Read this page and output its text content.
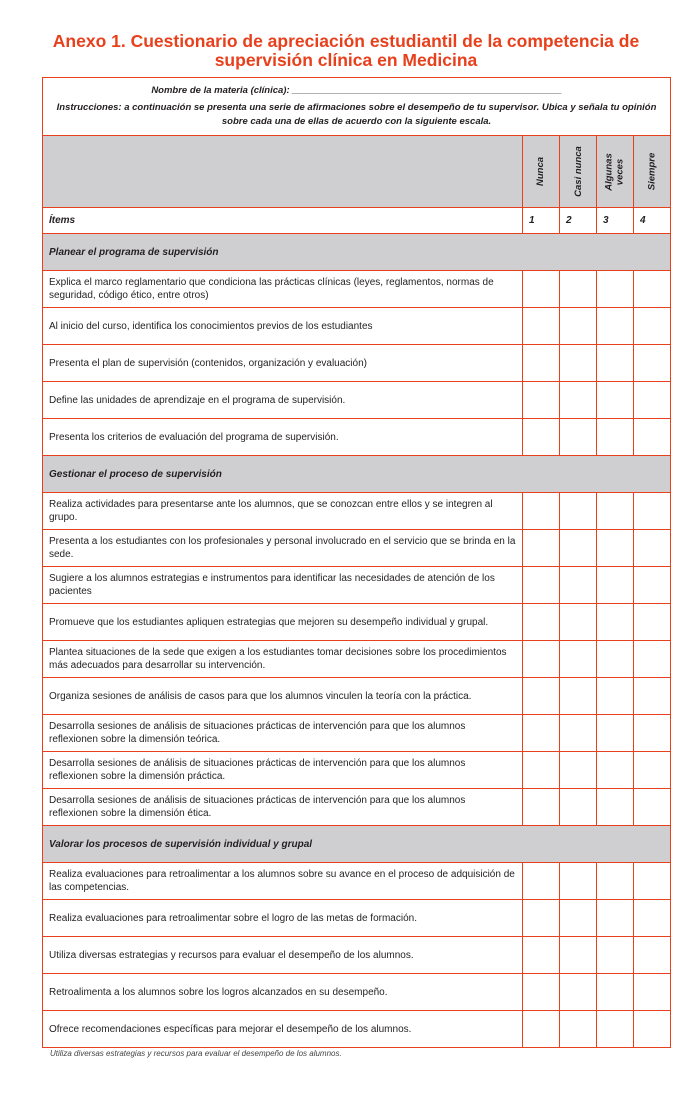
Anexo 1. Cuestionario de apreciación estudiantil de la competencia de
supervisión clínica en Medicina
Nombre de la materia (clínica): ___________________________________________________
Instrucciones: a continuación se presenta una serie de afirmaciones sobre el desempeño de tu supervisor. Ubica y señala tu opinión sobre cada una de ellas de acuerdo con la siguiente escala.				

	Nunca	Casi nunca	Algunas veces	Siempre

Ítems	1	2	3	4
Planear el programa de supervisión				
Explica el marco reglamentario que condiciona las prácticas clínicas (leyes, reglamentos, normas de seguridad, código ético, entre otros)				
Al inicio del curso, identifica los conocimientos previos de los estudiantes				
Presenta el plan de supervisión (contenidos, organización y evaluación)				
Define las unidades de aprendizaje en el programa de supervisión.				
Presenta los criterios de evaluación del programa de supervisión.				
Gestionar el proceso de supervisión				
Realiza actividades para presentarse ante los alumnos, que se conozcan entre ellos y se integren al grupo.				
Presenta a los estudiantes con los profesionales y personal involucrado en el servicio que se brinda en la sede.				
Sugiere a los alumnos estrategias e instrumentos para identificar las necesidades de atención de los pacientes				
Promueve que los estudiantes apliquen estrategias que mejoren su desempeño individual y grupal.				
Plantea situaciones de la sede que exigen a los estudiantes tomar decisiones sobre los procedimientos más adecuados para desarrollar su intervención.				
Organiza sesiones de análisis de casos para que los alumnos vinculen la teoría con la práctica.				
Desarrolla sesiones de análisis de situaciones prácticas de intervención para que los alumnos reflexionen sobre la dimensión teórica.				
Desarrolla sesiones de análisis de situaciones prácticas de intervención para que los alumnos reflexionen sobre la dimensión práctica.				
Desarrolla sesiones de análisis de situaciones prácticas de intervención para que los alumnos reflexionen sobre la dimensión ética.				
Valorar los procesos de supervisión individual y grupal				
Realiza evaluaciones para retroalimentar a los alumnos sobre su avance en el proceso de adquisición de las competencias.				
Realiza evaluaciones para retroalimentar sobre el logro de las metas de formación.				
Utiliza diversas estrategias y recursos para evaluar el desempeño de los alumnos.				
Retroalimenta a los alumnos sobre los logros alcanzados en su desempeño.				
Ofrece recomendaciones específicas para mejorar el desempeño de los alumnos.				
Utiliza diversas estrategias y recursos para evaluar el desempeño de los alumnos.
